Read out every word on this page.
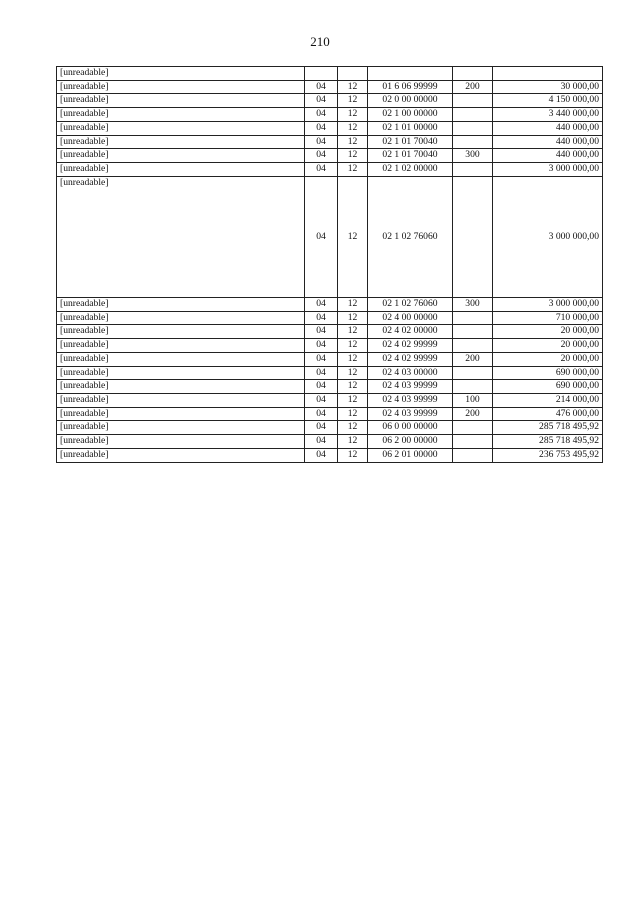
210
[unreadable]					
[unreadable]	04	12	01 6 06 99999	200	30 000,00
[unreadable]	04	12	02 0 00 00000		4 150 000,00
[unreadable]	04	12	02 1 00 00000		3 440 000,00
[unreadable]	04	12	02 1 01 00000		440 000,00
[unreadable]	04	12	02 1 01 70040		440 000,00
[unreadable]	04	12	02 1 01 70040	300	440 000,00
[unreadable]	04	12	02 1 02 00000		3 000 000,00
[unreadable]	04	12	02 1 02 76060		3 000 000,00
[unreadable]	04	12	02 1 02 76060	300	3 000 000,00
[unreadable]	04	12	02 4 00 00000		710 000,00
[unreadable]	04	12	02 4 02 00000		20 000,00
[unreadable]	04	12	02 4 02 99999		20 000,00
[unreadable]	04	12	02 4 02 99999	200	20 000,00
[unreadable]	04	12	02 4 03 00000		690 000,00
[unreadable]	04	12	02 4 03 99999		690 000,00
[unreadable]	04	12	02 4 03 99999	100	214 000,00
[unreadable]	04	12	02 4 03 99999	200	476 000,00
[unreadable]	04	12	06 0 00 00000		285 718 495,92
[unreadable]	04	12	06 2 00 00000		285 718 495,92
[unreadable]	04	12	06 2 01 00000		236 753 495,92
